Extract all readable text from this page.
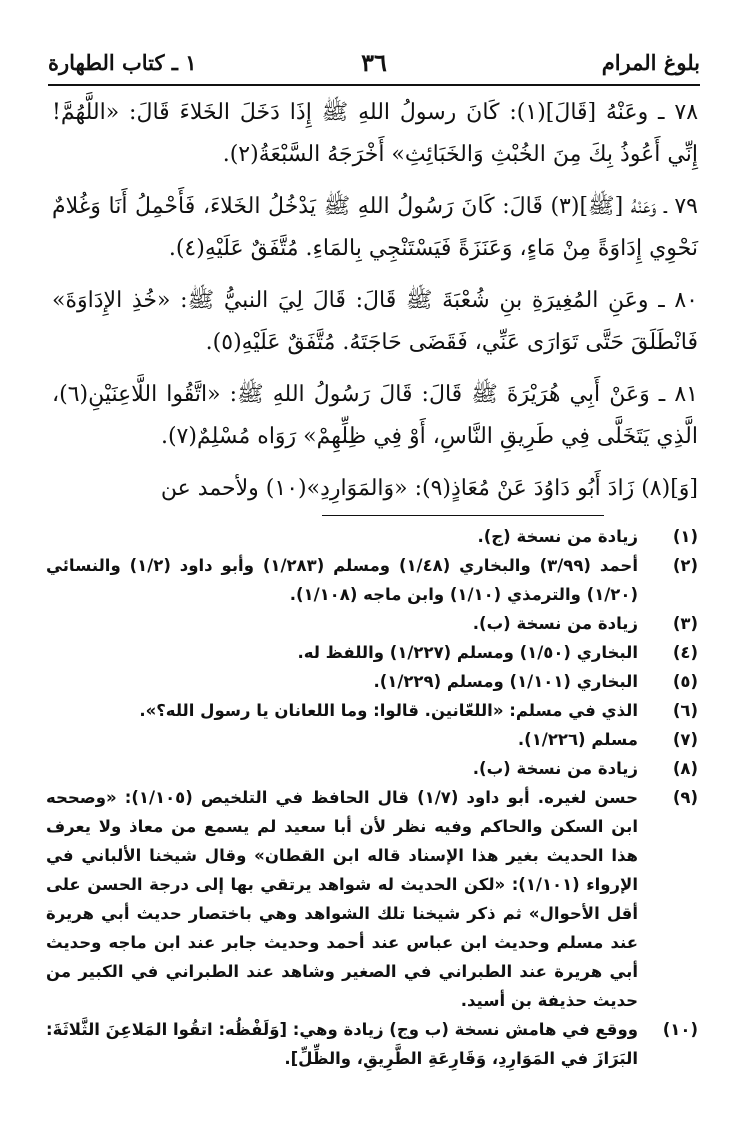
بلوغ المرام
٣٦
١ ـ كتاب الطهارة

٧٨ ـ وعَنْهُ [قَالَ](١): كَانَ رسولُ اللهِ ﷺ إِذَا دَخَلَ الخَلاءَ قَالَ: «اللَّهُمَّ! إِنِّي أَعُوذُ بِكَ مِنَ الخُبْثِ وَالخَبَائِثِ» أَخْرَجَهُ السَّبْعَةُ(٢).

٧٩ ـ وَعَنْهُ [ﷺ](٣) قَالَ: كَانَ رَسُولُ اللهِ ﷺ يَدْخُلُ الخَلاءَ، فَأَحْمِلُ أَنَا وَغُلامٌ نَحْوِي إِدَاوَةً مِنْ مَاءٍ، وَعَنَزَةً فَيَسْتَنْجِي بِالمَاءِ. مُتَّفَقٌ عَلَيْهِ(٤).

٨٠ ـ وعَنِ المُغِيرَةِ بنِ شُعْبَةَ ﷺ قَالَ: قَالَ لِيَ النبيُّ ﷺ: «خُذِ الإِدَاوَةَ» فَانْطَلَقَ حَتَّى تَوَارَى عَنِّي، فَقَضَى حَاجَتَهُ. مُتَّفَقٌ عَلَيْهِ(٥).

٨١ ـ وَعَنْ أَبِي هُرَيْرَةَ ﷺ قَالَ: قَالَ رَسُولُ اللهِ ﷺ: «اتَّقُوا اللَّاعِنَيْنِ(٦)، الَّذِي يَتَخَلَّى فِي طَرِيقِ النَّاسِ، أَوْ فِي ظِلِّهِمْ» رَوَاه مُسْلِمٌ(٧).

[وَ](٨) زَادَ أَبُو دَاوُدَ عَنْ مُعَاذٍ(٩): «وَالمَوَارِدِ»(١٠) ولأحمد عن

(١)
زيادة من نسخة (ج).
(٢)
أحمد (٣/٩٩) والبخاري (١/٤٨) ومسلم (١/٢٨٣) وأبو داود (١/٢) والنسائي (١/٢٠) والترمذي (١/١٠) وابن ماجه (١/١٠٨).
(٣)
زيادة من نسخة (ب).
(٤)
البخاري (١/٥٠) ومسلم (١/٢٢٧) واللفظ له.
(٥)
البخاري (١/١٠١) ومسلم (١/٢٢٩).
(٦)
الذي في مسلم: «اللعّانين. قالوا: وما اللعانان يا رسول الله؟».
(٧)
مسلم (١/٢٢٦).
(٨)
زيادة من نسخة (ب).
(٩)
حسن لغيره. أبو داود (١/٧) قال الحافظ في التلخيص (١/١٠٥): «وصححه ابن السكن والحاكم وفيه نظر لأن أبا سعيد لم يسمع من معاذ ولا يعرف هذا الحديث بغير هذا الإسناد قاله ابن القطان» وقال شيخنا الألباني في الإرواء (١/١٠١): «لكن الحديث له شواهد يرتقي بها إلى درجة الحسن على أقل الأحوال» ثم ذكر شيخنا تلك الشواهد وهي باختصار حديث أبي هريرة عند مسلم وحديث ابن عباس عند أحمد وحديث جابر عند ابن ماجه وحديث أبي هريرة عند الطبراني في الصغير وشاهد عند الطبراني في الكبير من حديث حذيفة بن أسيد.
(١٠)
ووقع في هامش نسخة (ب وج) زيادة وهي: [وَلَفْظُه: اتقُوا المَلاعِنَ الثَّلاثَةَ: البَرَازَ في المَوَارِدِ، وَقَارِعَةِ الطَّرِيقِ، والظِّلِّ].
